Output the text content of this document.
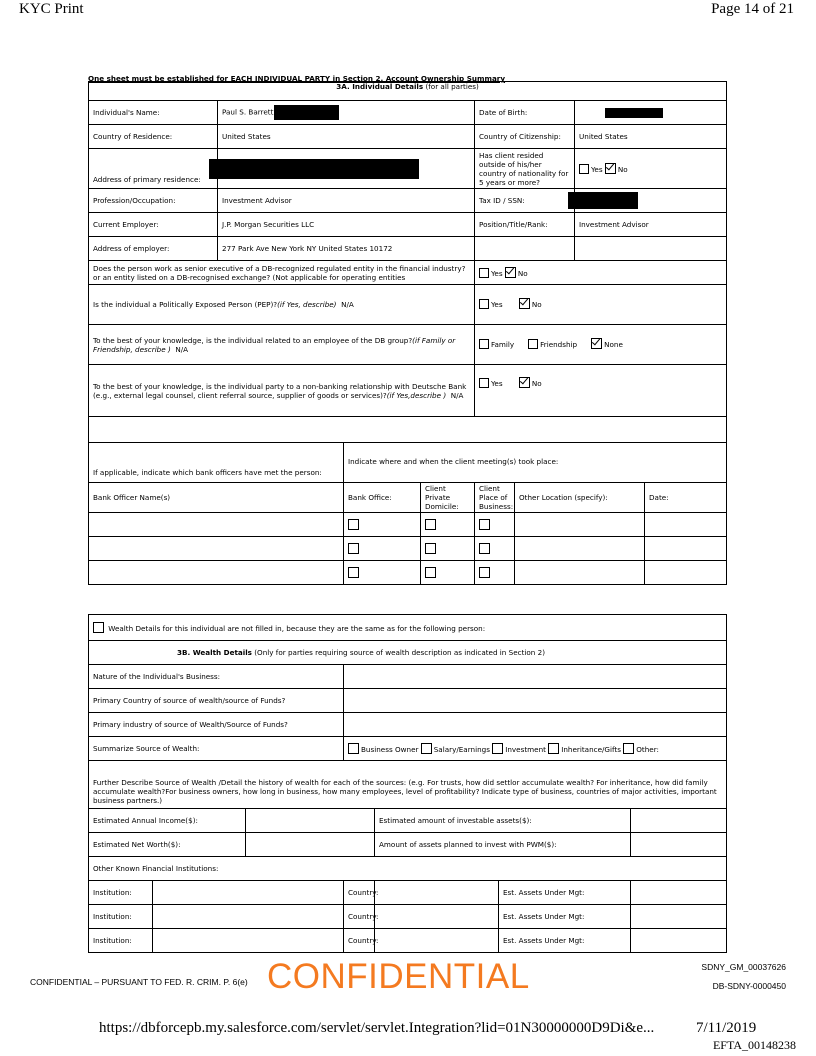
KYC Print	Page 14 of 21
One sheet must be established for EACH INDIVIDUAL PARTY in Section 2. Account Ownership Summary
3A. Individual Details (for all parties)							
Individual's Name:	Paul S. Barrett			Date of Birth:			
Country of Residence:	United States			Country of Citizenship:		United States	
Address of primary residence:				Has client resided outside of his/her country of nationality for 5 years or more?		Yes No	
Profession/Occupation:	Investment Advisor			Tax ID / SSN:			

Current Employer:	J.P. Morgan Securities LLC			Position/Title/Rank:		Investment Advisor	
Address of employer:	277 Park Ave New York NY United States 10172						
Does the person work as senior executive of a DB-recognized regulated entity in the financial industry? or an entity listed on a DB-recognised exchange? (Not applicable for operating entities				Yes No			
Is the individual a Politically Exposed Person (PEP)?(if Yes, describe) N/A				Yes No			
To the best of your knowledge, is the individual related to an employee of the DB group?(if Family or Friendship, describe ) N/A				Family Friendship None			
To the best of your knowledge, is the individual party to a non-banking relationship with Deutsche Bank (e.g., external legal counsel, client referral source, supplier of goods or services)?(if Yes,describe ) N/A				Yes No			

If applicable, indicate which bank officers have met the person:		Indicate where and when the client meeting(s) took place:					
Bank Officer Name(s)		Bank Office:	Client Private Domicile:	Client Place of Business:	Other Location (specify):		Date:

Wealth Details for this individual are not filled in, because they are the same as for the following person:						
3B. Wealth Details (Only for parties requiring source of wealth description as indicated in Section 2)						
Nature of the Individual's Business:						
Primary Country of source of wealth/source of Funds?						
Primary industry of source of Wealth/Source of Funds?						
Summarize Source of Wealth:			Business Owner Salary/Earnings Investment Inheritance/Gifts Other:			
Further Describe Source of Wealth /Detail the history of wealth for each of the sources: (e.g. For trusts, how did settlor accumulate wealth? For inheritance, how did family accumulate wealth?For business owners, how long in business, how many employees, level of profitability? Indicate type of business, countries of major activities, important business partners.)						
Estimated Annual Income($):				Estimated amount of investable assets($):		
Estimated Net Worth($):				Amount of assets planned to invest with PWM($):		
Other Known Financial Institutions:						
Institution:			Country:		Est. Assets Under Mgt:	
Institution:			Country:		Est. Assets Under Mgt:	
Institution:			Country:		Est. Assets Under Mgt:	
SDNY_GM_00037626
DB-SDNY-0000450
CONFIDENTIAL
CONFIDENTIAL – PURSUANT TO FED. R. CRIM. P. 6(e)
https://dbforcepb.my.salesforce.com/servlet/servlet.Integration?lid=01N30000000D9Di&e...	7/11/2019
EFTA_00148238
